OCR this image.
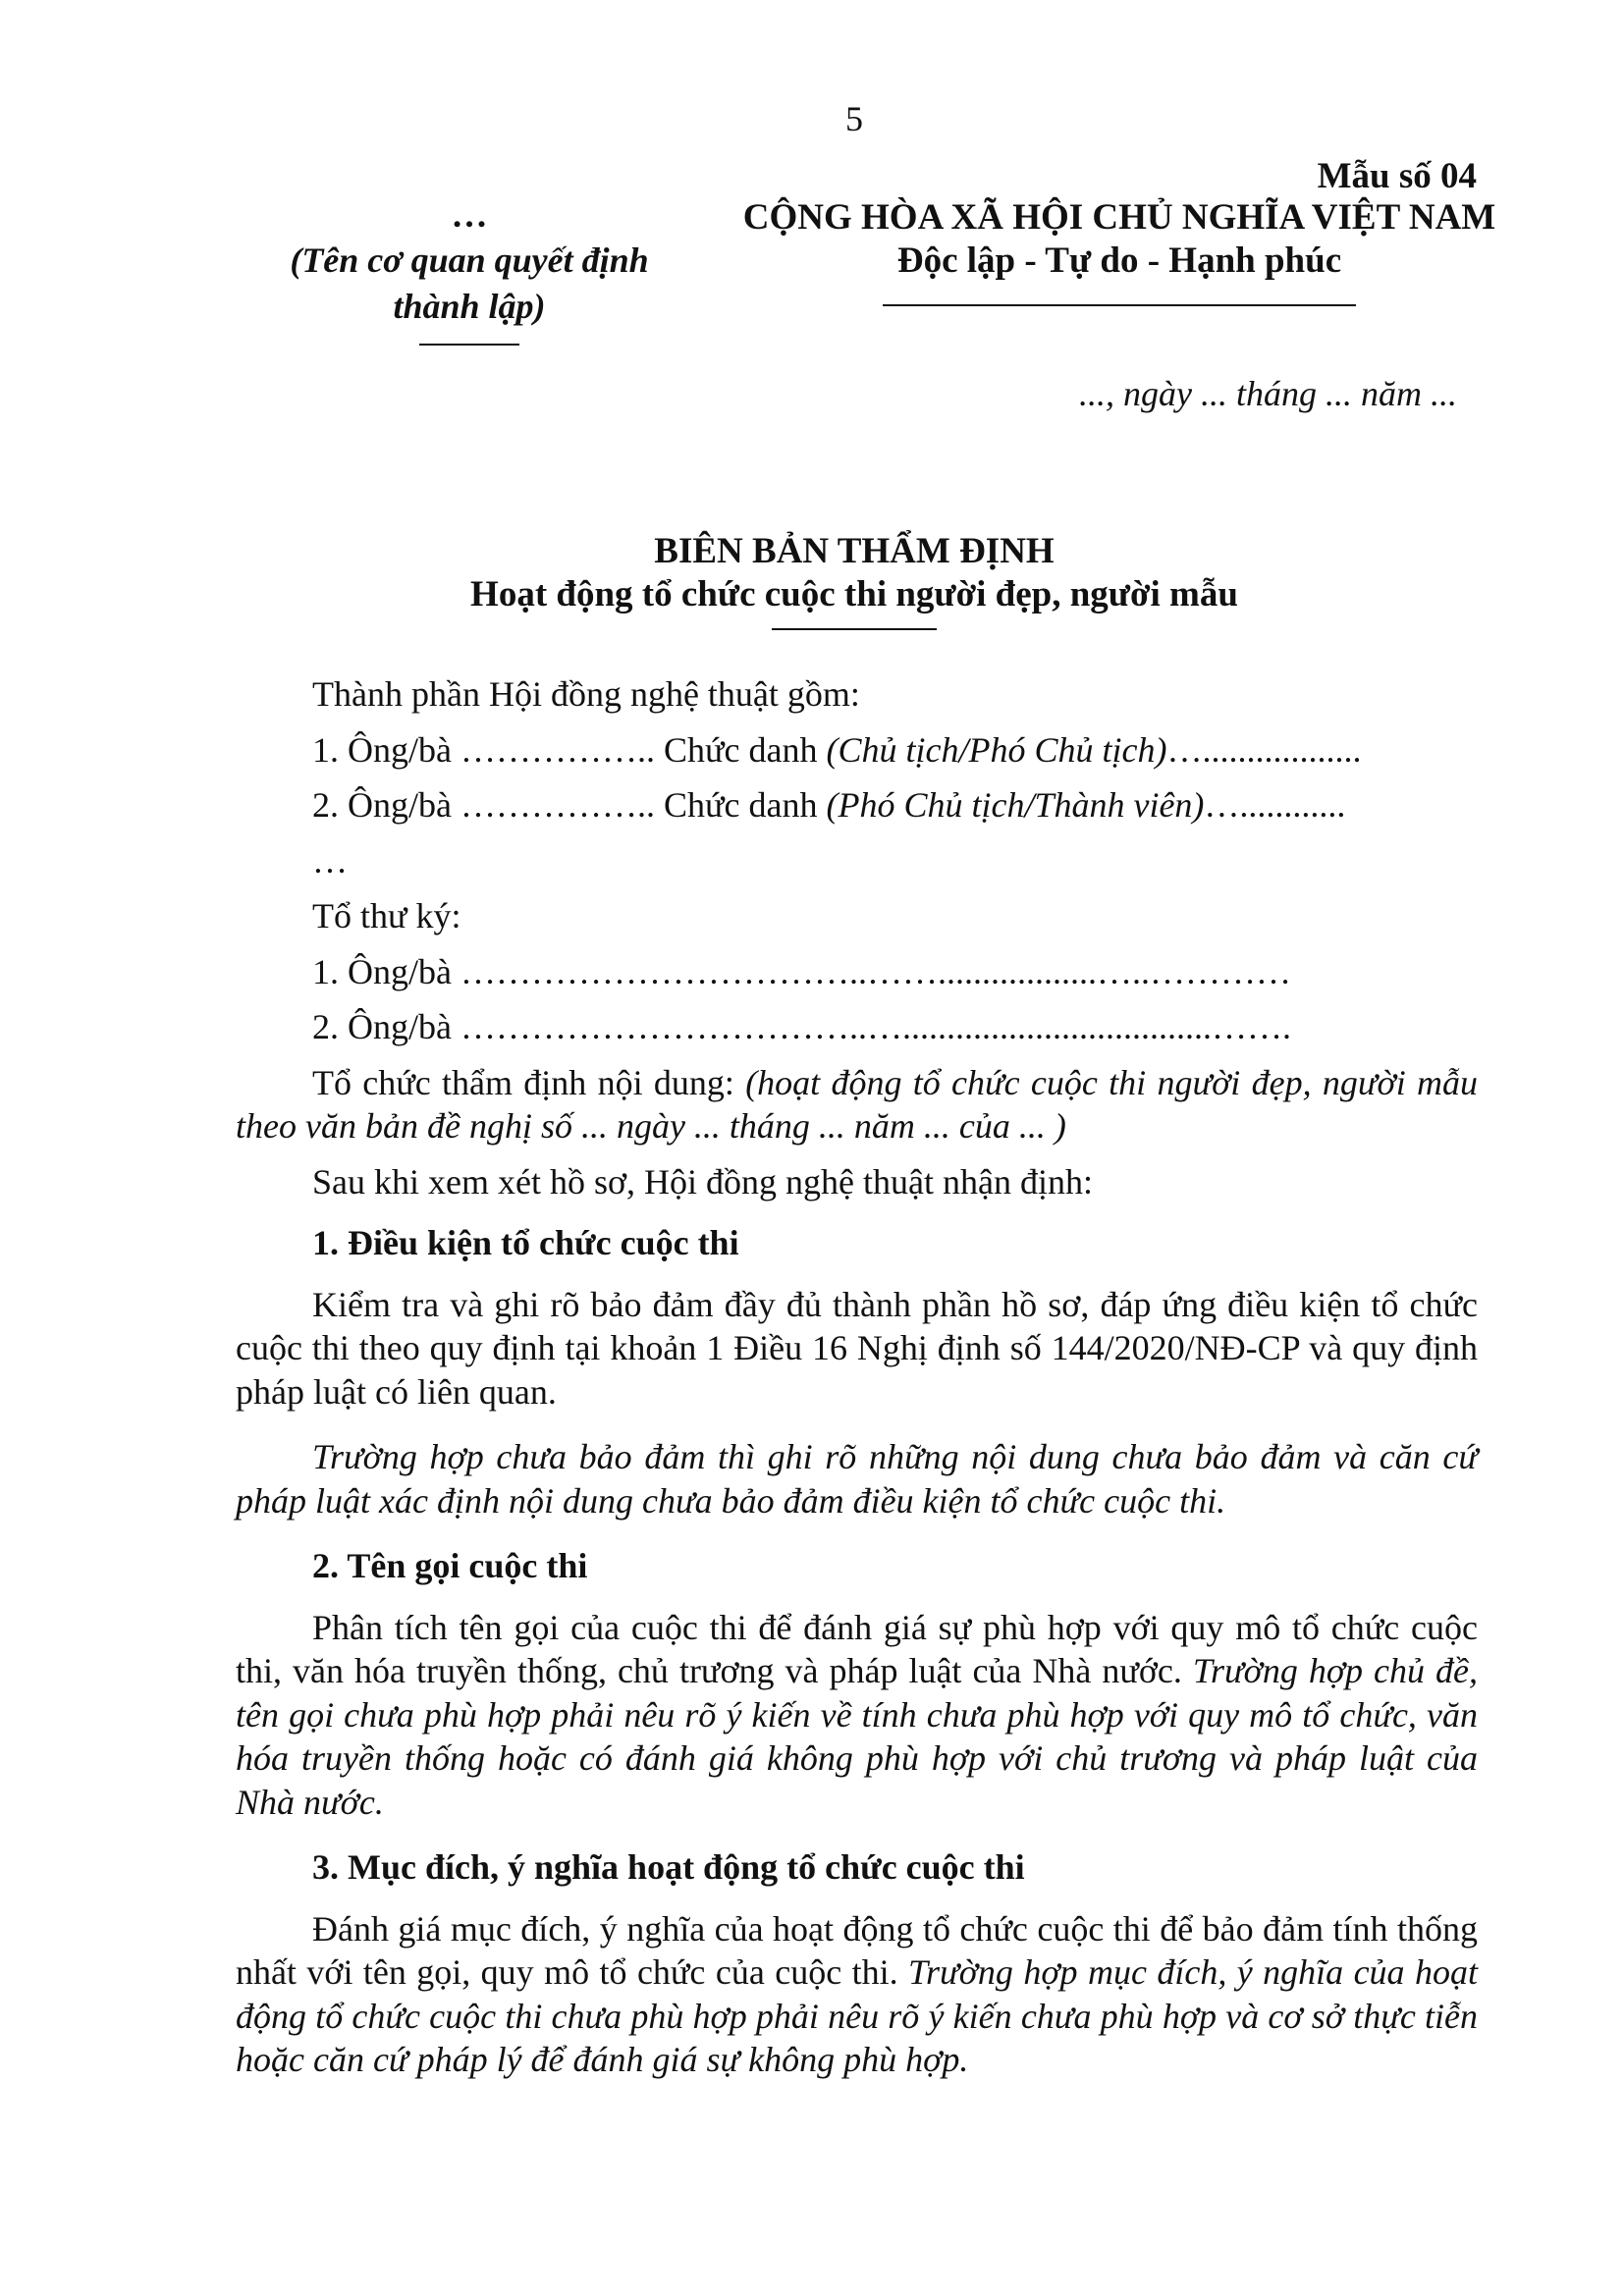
5
Mẫu số 04
…
(Tên cơ quan quyết định thành lập)
CỘNG HÒA XÃ HỘI CHỦ NGHĨA VIỆT NAM
Độc lập - Tự do - Hạnh phúc
..., ngày ... tháng ... năm ...
BIÊN BẢN THẨM ĐỊNH
Hoạt động tổ chức cuộc thi người đẹp, người mẫu

Thành phần Hội đồng nghệ thuật gồm:

1. Ông/bà …………….. Chức danh (Chủ tịch/Phó Chủ tịch)…..................

2. Ông/bà …………….. Chức danh (Phó Chủ tịch/Thành viên)…............

…

Tổ thư ký:

1. Ông/bà ……………………………..……..................…..…………

2. Ông/bà ……………………………..…...................................…….

Tổ chức thẩm định nội dung: (hoạt động tổ chức cuộc thi người đẹp, người mẫu theo văn bản đề nghị số ... ngày ... tháng ... năm ... của ... )

Sau khi xem xét hồ sơ, Hội đồng nghệ thuật nhận định:

1. Điều kiện tổ chức cuộc thi

Kiểm tra và ghi rõ bảo đảm đầy đủ thành phần hồ sơ, đáp ứng điều kiện tổ chức cuộc thi theo quy định tại khoản 1 Điều 16 Nghị định số 144/2020/NĐ-CP và quy định pháp luật có liên quan.

Trường hợp chưa bảo đảm thì ghi rõ những nội dung chưa bảo đảm và căn cứ pháp luật xác định nội dung chưa bảo đảm điều kiện tổ chức cuộc thi.

2. Tên gọi cuộc thi

Phân tích tên gọi của cuộc thi để đánh giá sự phù hợp với quy mô tổ chức cuộc thi, văn hóa truyền thống, chủ trương và pháp luật của Nhà nước. Trường hợp chủ đề, tên gọi chưa phù hợp phải nêu rõ ý kiến về tính chưa phù hợp với quy mô tổ chức, văn hóa truyền thống hoặc có đánh giá không phù hợp với chủ trương và pháp luật của Nhà nước.

3. Mục đích, ý nghĩa hoạt động tổ chức cuộc thi

Đánh giá mục đích, ý nghĩa của hoạt động tổ chức cuộc thi để bảo đảm tính thống nhất với tên gọi, quy mô tổ chức của cuộc thi. Trường hợp mục đích, ý nghĩa của hoạt động tổ chức cuộc thi chưa phù hợp phải nêu rõ ý kiến chưa phù hợp và cơ sở thực tiễn hoặc căn cứ pháp lý để đánh giá sự không phù hợp.
